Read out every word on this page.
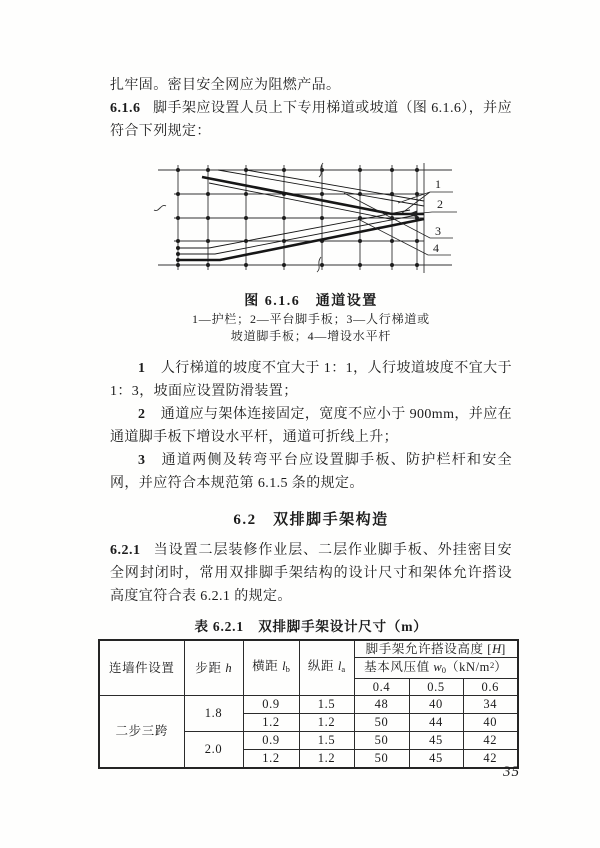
扎牢固。密目安全网应为阻燃产品。

6.1.6 脚手架应设置人员上下专用梯道或坡道（图 6.1.6），并应符合下列规定：

1
2
3
4

图 6.1.6　通道设置

1—护栏；2—平台脚手板；3—人行梯道或

坡道脚手板；4—增设水平杆

1 人行梯道的坡度不宜大于 1：1，人行坡道坡度不宜大于 1：3，坡面应设置防滑装置；

2 通道应与架体连接固定，宽度不应小于 900mm，并应在通道脚手板下增设水平杆，通道可折线上升；

3 通道两侧及转弯平台应设置脚手板、防护栏杆和安全网，并应符合本规范第 6.1.5 条的规定。

6.2　双排脚手架构造

6.2.1 当设置二层装修作业层、二层作业脚手板、外挂密目安全网封闭时，常用双排脚手架结构的设计尺寸和架体允许搭设高度宜符合表 6.2.1 的规定。

表 6.2.1　双排脚手架设计尺寸（m）

连墙件设置	步距 h	横距 $l_b$	纵距 $l_a$	脚手架允许搭设高度 [H]		
				基本风压值 $w_0(kN/m^2)$		
				0.4	0.5	0.6
二步三跨	1.8	0.9	1.5	48	40	34
		1.2	1.2	50	44	40
	2.0	0.9	1.5	50	45	42
		1.2	1.2	50	45	42
35
